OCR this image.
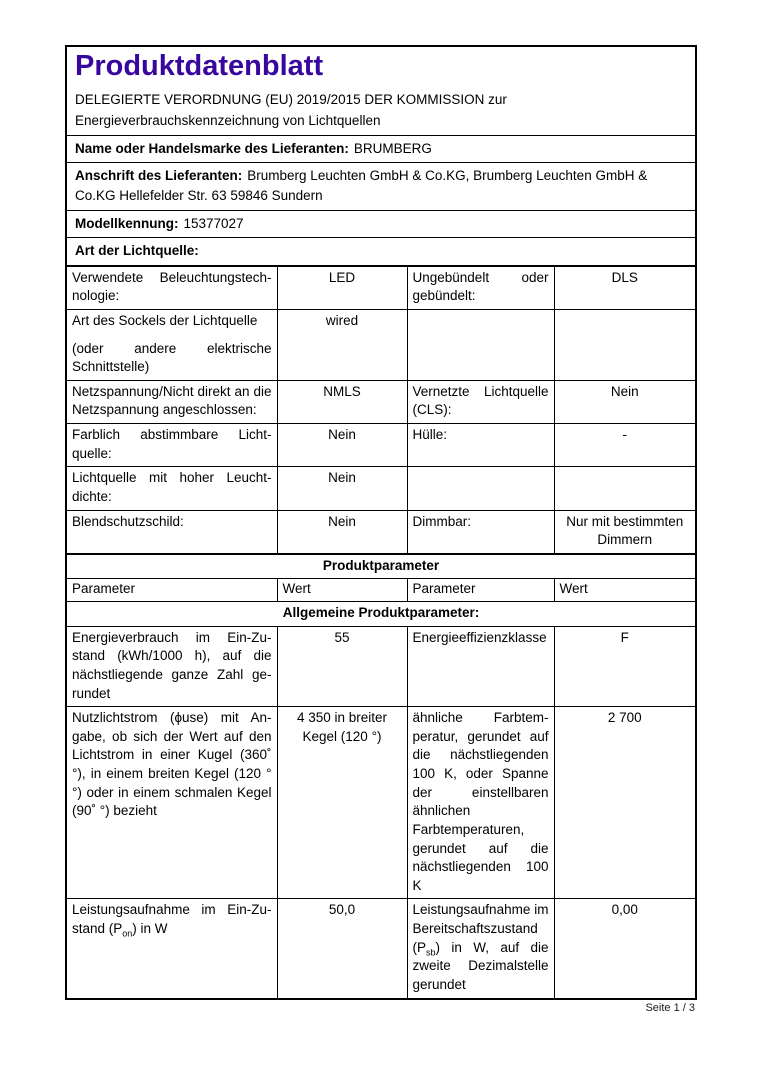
Produktdatenblatt
DELEGIERTE VERORDNUNG (EU) 2019/2015 DER KOMMISSION zur Energieverbrauchskennzeichnung von Lichtquellen

Name oder Handelsmarke des Lieferanten: BRUMBERG
Anschrift des Lieferanten: Brumberg Leuchten GmbH & Co.KG, Brumberg Leuchten GmbH & Co.KG Hellefelder Str. 63 59846 Sundern
Modellkennung: 15377027
Art der Lichtquelle:
Verwendete Beleuchtungstechnologie:	LED	Ungebündelt oder gebündelt:	DLS

Art des Sockels der Lichtquelle
(oder andere elektrische Schnittstelle)	wired		
Netzspannung/Nicht direkt an die Netzspannung angeschlossen:	NMLS	Vernetzte Lichtquelle (CLS):	Nein
Farblich abstimmbare Lichtquelle:	Nein	Hülle:	-
Lichtquelle mit hoher Leuchtdichte:	Nein		
Blendschutzschild:	Nein	Dimmbar:	Nur mit bestimmten Dimmern
Produktparameter			
Parameter	Wert	Parameter	Wert
Allgemeine Produktparameter:			
Energieverbrauch im Ein-Zustand (kWh/1000 h), auf die nächstliegende ganze Zahl gerundet	55	Energieeffizienzklasse	F
Nutzlichtstrom (ϕuse) mit Angabe, ob sich der Wert auf den Lichtstrom in einer Kugel (360˚ °), in einem breiten Kegel (120 °°) oder in einem schmalen Kegel (90˚ °) bezieht	4 350 in breiter Kegel (120 °)	ähnliche Farbtemperatur, gerundet auf die nächstliegenden 100 K, oder Spanne der einstellbaren ähnlichen Farbtemperaturen, gerundet auf die nächstliegenden 100 K	2 700
Leistungsaufnahme im Ein-Zustand $(P_{on})$ in W	50,0	Leistungsaufnahme im Bereitschaftszustand $(P_{sb})$ in W, auf die zweite Dezimalstelle gerundet	0,00
Seite 1 / 3
